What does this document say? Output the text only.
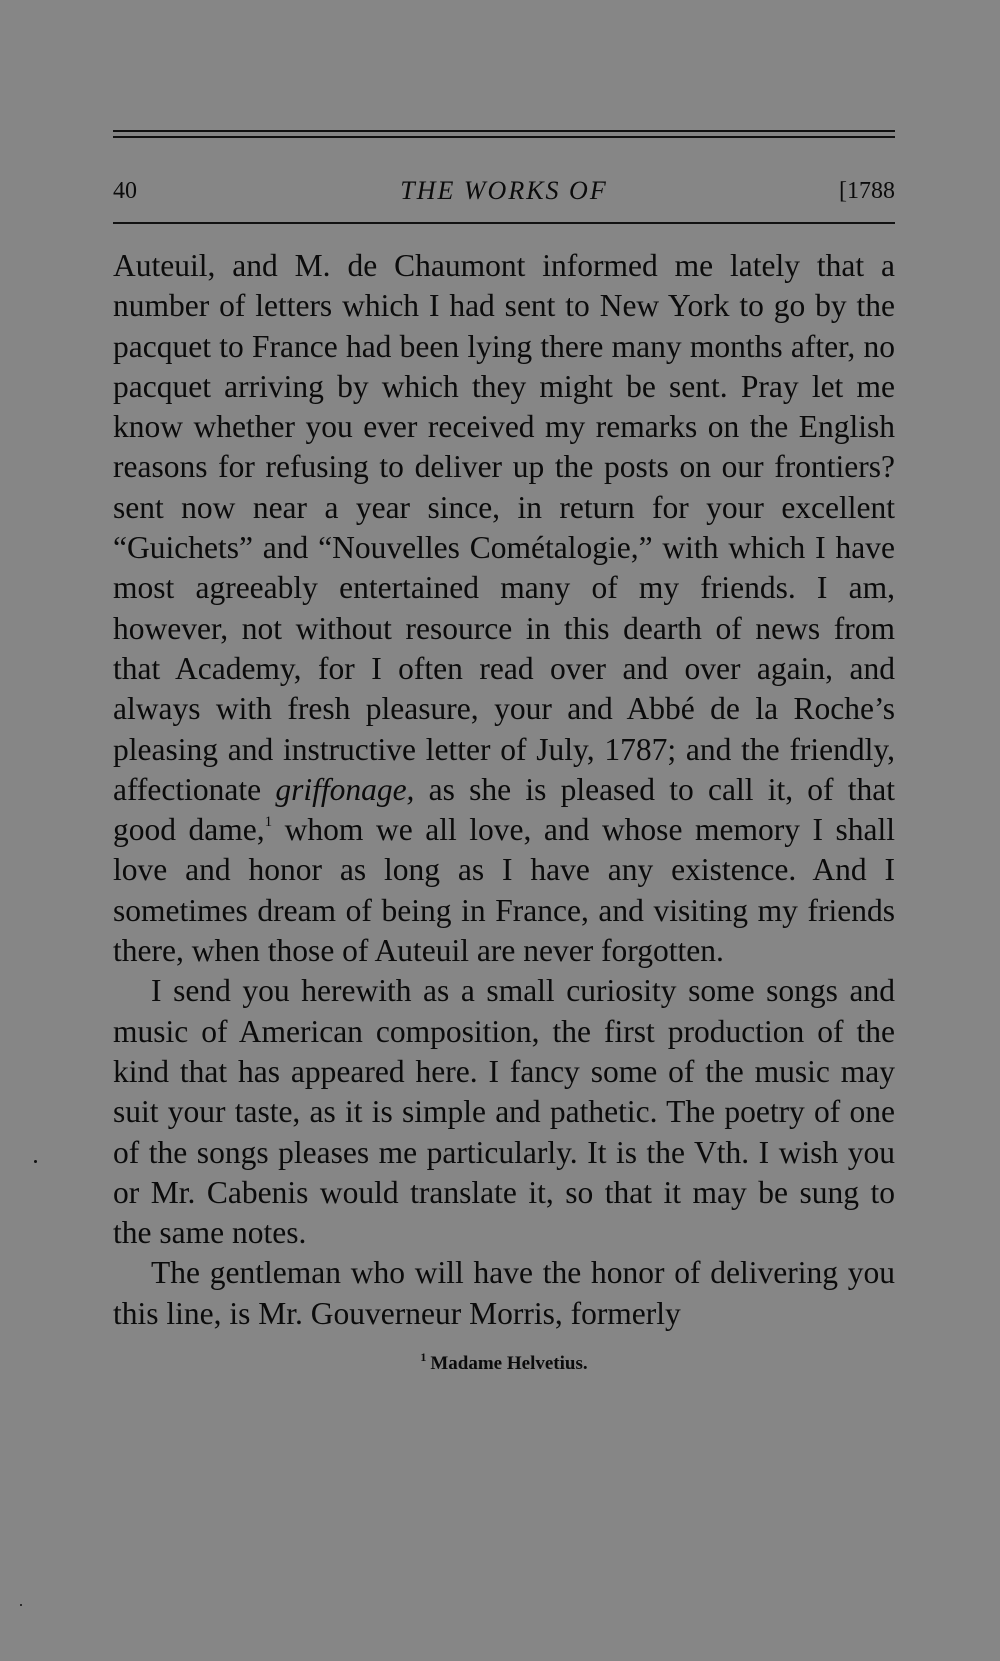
40	THE WORKS OF	[1788

Auteuil, and M. de Chaumont informed me lately that a number of letters which I had sent to New York to go by the pacquet to France had been lying there many months after, no pacquet arriving by which they might be sent. Pray let me know whether you ever received my remarks on the English reasons for refusing to deliver up the posts on our frontiers? sent now near a year since, in return for your excellent “Guichets” and “Nouvelles Cométalogie,” with which I have most agreeably entertained many of my friends. I am, however, not without resource in this dearth of news from that Academy, for I often read over and over again, and always with fresh pleasure, your and Abbé de la Roche’s pleasing and instructive letter of July, 1787; and the friendly, affectionate griffonage, as she is pleased to call it, of that good dame,$^1$ whom we all love, and whose memory I shall love and honor as long as I have any existence. And I sometimes dream of being in France, and visiting my friends there, when those of Auteuil are never forgotten.

I send you herewith as a small curiosity some songs and music of American composition, the first production of the kind that has appeared here. I fancy some of the music may suit your taste, as it is simple and pathetic. The poetry of one of the songs pleases me particularly. It is the Vth. I wish you or Mr. Cabenis would translate it, so that it may be sung to the same notes.

The gentleman who will have the honor of delivering you this line, is Mr. Gouverneur Morris, formerly

$^1$ Madame Helvetius.
